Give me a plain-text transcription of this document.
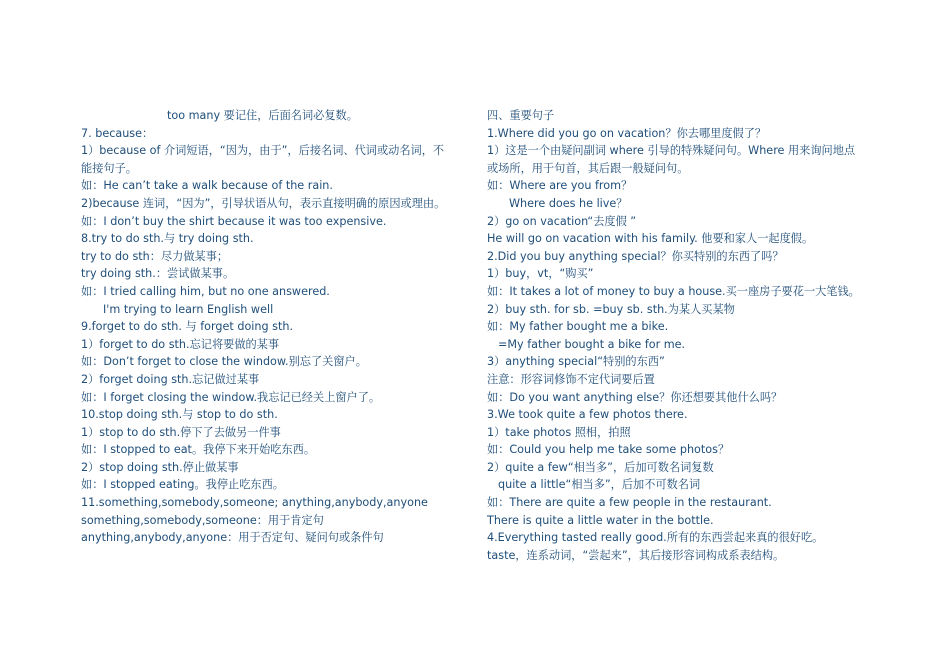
too many 要记住，后面名词必复数。
7. because：
1）because of 介词短语，“因为，由于”，后接名词、代词或动名词，不
能接句子。
如：He can’t take a walk because of the rain.
2)because 连词，“因为”，引导状语从句，表示直接明确的原因或理由。
如：I don’t buy the shirt because it was too expensive.
8.try to do sth.与 try doing sth.
try to do sth：尽力做某事；
try doing sth.：尝试做某事。
如：I tried calling him, but no one answered.
I'm trying to learn English well
9.forget to do sth. 与 forget doing sth.
1）forget to do sth.忘记将要做的某事
如：Don’t forget to close the window.别忘了关窗户。
2）forget doing sth.忘记做过某事
如：I forget closing the window.我忘记已经关上窗户了。
10.stop doing sth.与 stop to do sth.
1）stop to do sth.停下了去做另一件事
如：I stopped to eat。我停下来开始吃东西。
2）stop doing sth.停止做某事
如：I stopped eating。我停止吃东西。
11.something,somebody,someone; anything,anybody,anyone
something,somebody,someone：用于肯定句
anything,anybody,anyone：用于否定句、疑问句或条件句
四、重要句子
1.Where did you go on vacation？你去哪里度假了？
1）这是一个由疑问副词 where 引导的特殊疑问句。Where 用来询问地点
或场所，用于句首，其后跟一般疑问句。
如：Where are you from？
Where does he live？
2）go on vacation“去度假 ”
He will go on vacation with his family. 他要和家人一起度假。
2.Did you buy anything special？你买特别的东西了吗？
1）buy，vt，“购买”
如：It takes a lot of money to buy a house.买一座房子要花一大笔钱。
2）buy sth. for sb. =buy sb. sth.为某人买某物
如：My father bought me a bike.
=My father bought a bike for me.
3）anything special“特别的东西”
注意：形容词修饰不定代词要后置
如：Do you want anything else？你还想要其他什么吗？
3.We took quite a few photos there.
1）take photos 照相，拍照
如：Could you help me take some photos？
2）quite a few“相当多”，后加可数名词复数
quite a little“相当多”，后加不可数名词
如：There are quite a few people in the restaurant.
There is quite a little water in the bottle.
4.Everything tasted really good.所有的东西尝起来真的很好吃。
taste，连系动词，“尝起来”，其后接形容词构成系表结构。
